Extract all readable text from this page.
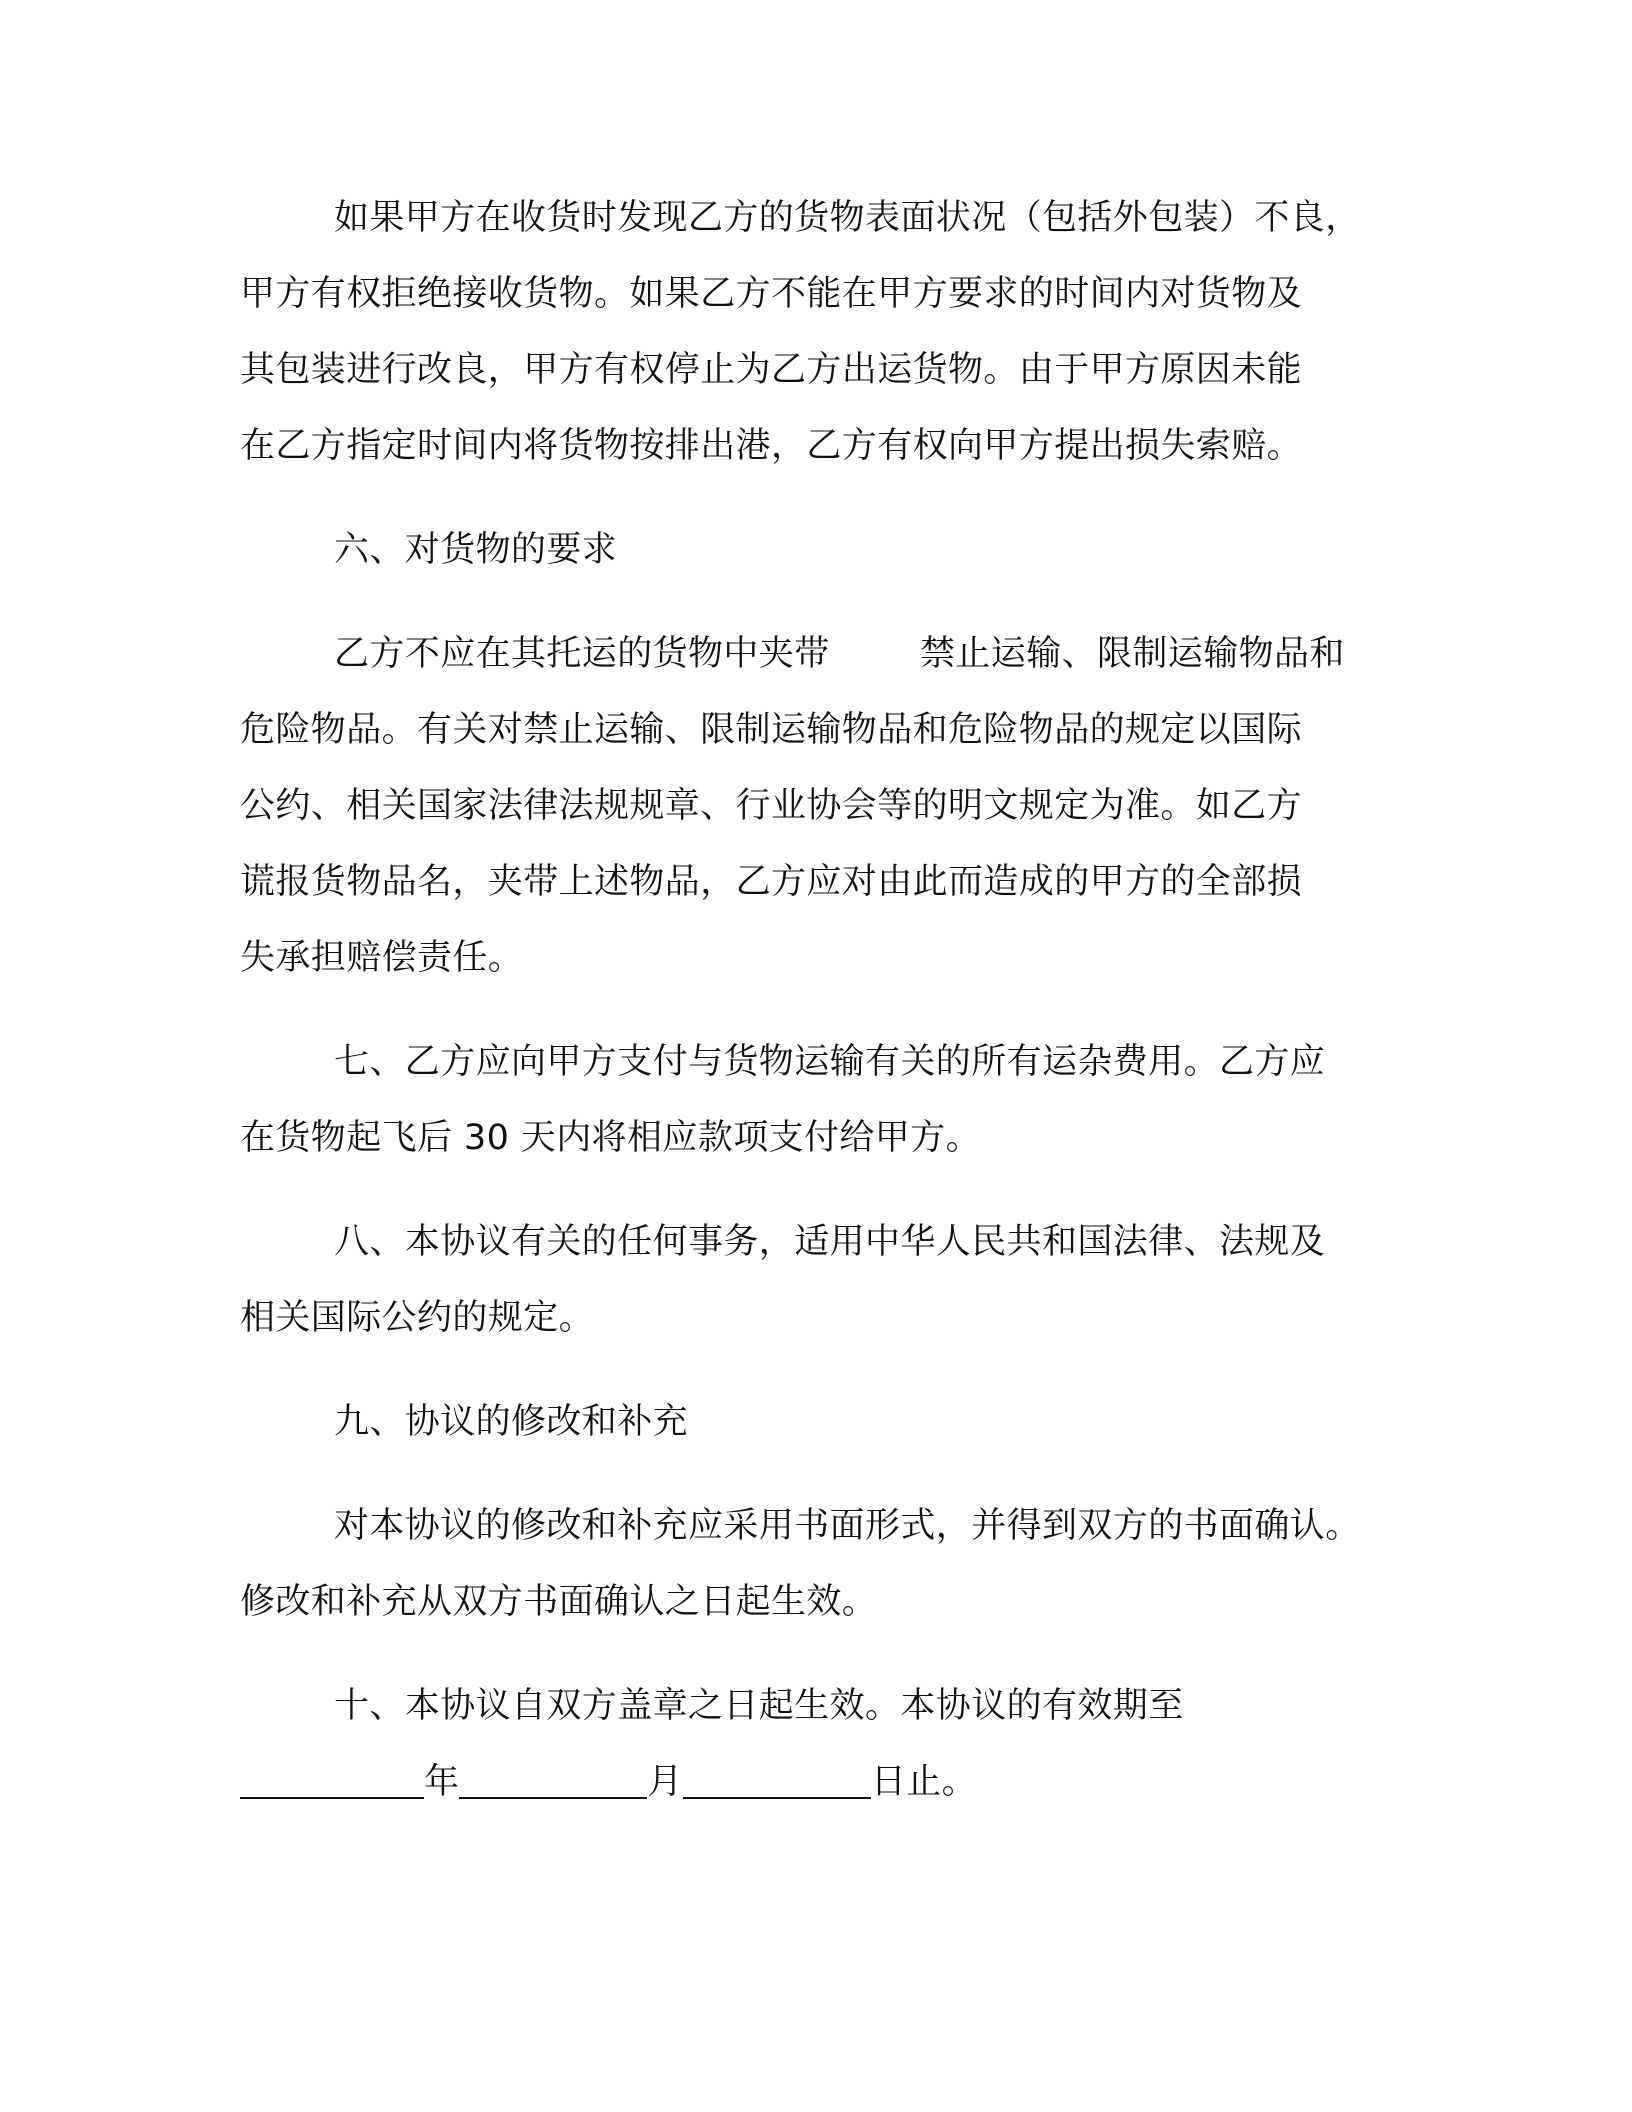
如果甲方在收货时发现乙方的货物表面状况（包括外包装）不良，
甲方有权拒绝接收货物。如果乙方不能在甲方要求的时间内对货物及
其包装进行改良，甲方有权停止为乙方出运货物。由于甲方原因未能
在乙方指定时间内将货物按排出港，乙方有权向甲方提出损失索赔。
六、对货物的要求
乙方不应在其托运的货物中夹带	禁止运输、限制运输物品和
危险物品。有关对禁止运输、限制运输物品和危险物品的规定以国际
公约、相关国家法律法规规章、行业协会等的明文规定为准。如乙方
谎报货物品名，夹带上述物品，乙方应对由此而造成的甲方的全部损
失承担赔偿责任。
七、乙方应向甲方支付与货物运输有关的所有运杂费用。乙方应
在货物起飞后 30 天内将相应款项支付给甲方。
八、本协议有关的任何事务，适用中华人民共和国法律、法规及
相关国际公约的规定。
九、协议的修改和补充
对本协议的修改和补充应采用书面形式，并得到双方的书面确认。
修改和补充从双方书面确认之日起生效。
十、本协议自双方盖章之日起生效。本协议的有效期至
年	月	日止。
